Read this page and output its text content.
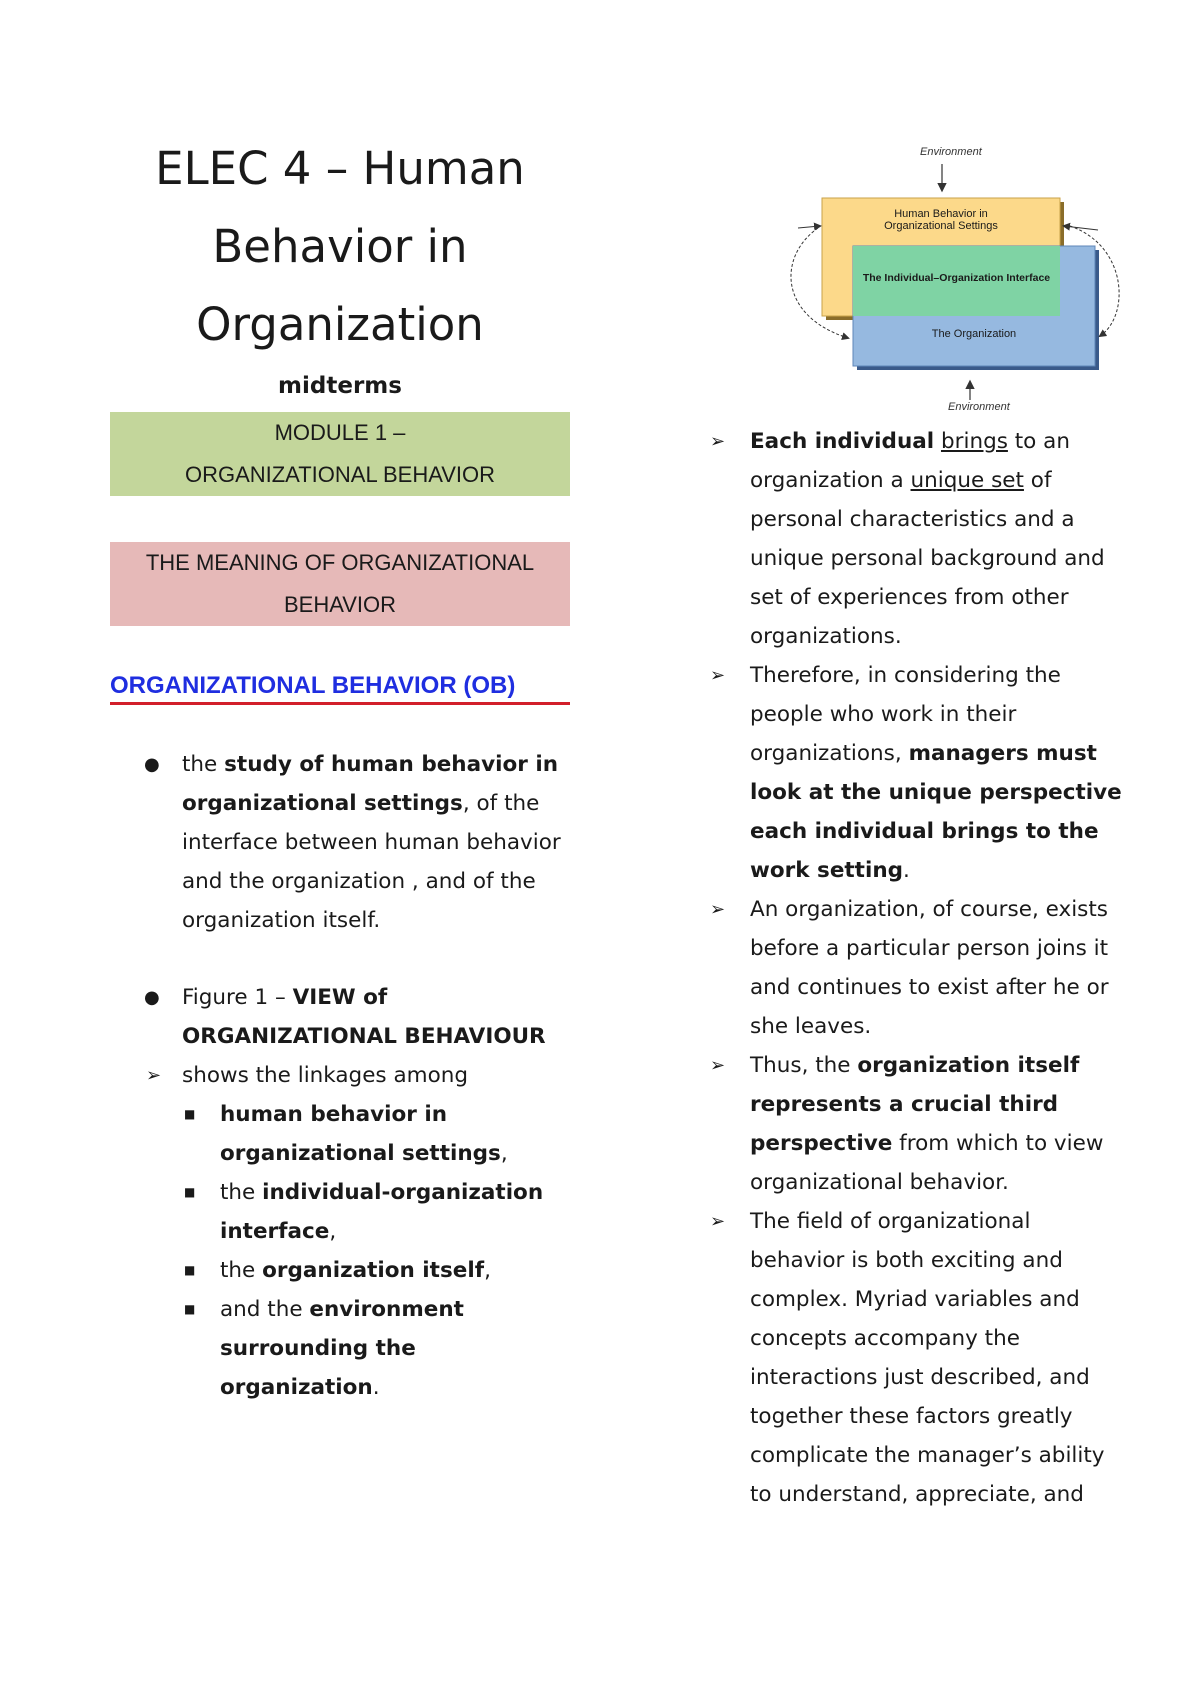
ELEC 4 – Human
Behavior in
Organization
midterms
MODULE 1 –
ORGANIZATIONAL BEHAVIOR
THE MEANING OF ORGANIZATIONAL
BEHAVIOR
ORGANIZATIONAL BEHAVIOR (OB)
● the study of human behavior in organizational settings, of the interface between human behavior and the organization , and of the organization itself.
● Figure 1 – VIEW of ORGANIZATIONAL BEHAVIOUR
➢ shows the linkages among
■ human behavior in organizational settings,
■ the individual-organization interface,
■ the organization itself,
■ and the environment surrounding the organization.
Environment
Environment
Human Behavior in
Organizational Settings
The Individual–Organization Interface
The Organization
➢ Each individual brings to an organization a unique set of personal characteristics and a unique personal background and set of experiences from other organizations.
➢ Therefore, in considering the people who work in their organizations, managers must look at the unique perspective each individual brings to the work setting.
➢ An organization, of course, exists before a particular person joins it and continues to exist after he or she leaves.
➢ Thus, the organization itself represents a crucial third perspective from which to view organizational behavior.
➢ The field of organizational behavior is both exciting and complex. Myriad variables and concepts accompany the interactions just described, and together these factors greatly complicate the manager’s ability to understand, appreciate, and
